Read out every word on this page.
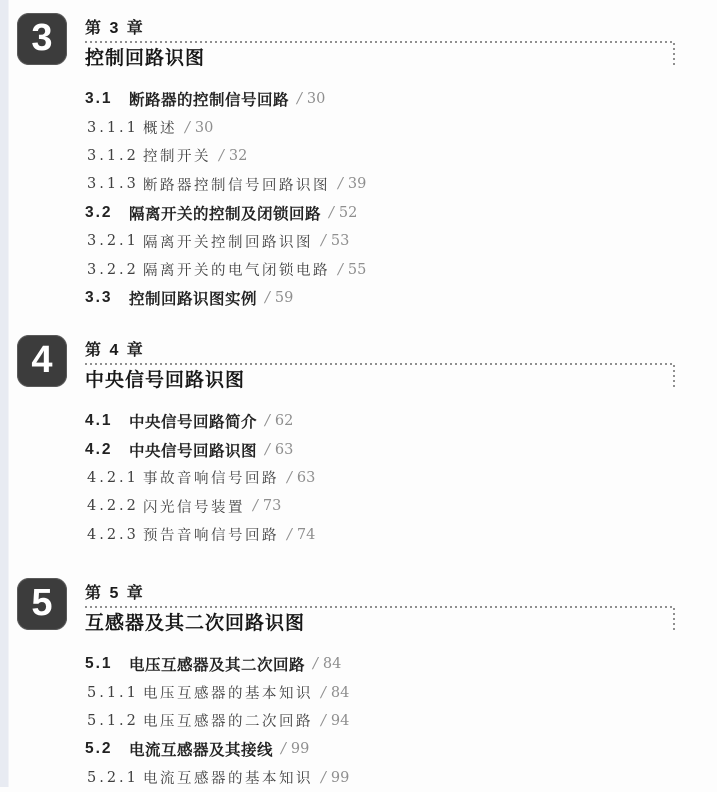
3 第 3 章
控制回路识图
3.1	断路器的控制信号回路 / 30
3.1.1 概述 / 30
3.1.2 控制开关 / 32
3.1.3 断路器控制信号回路识图 / 39
3.2	隔离开关的控制及闭锁回路 / 52
3.2.1 隔离开关控制回路识图 / 53
3.2.2 隔离开关的电气闭锁电路 / 55
3.3	控制回路识图实例 / 59
4 第 4 章
中央信号回路识图
4.1	中央信号回路简介 / 62
4.2	中央信号回路识图 / 63
4.2.1 事故音响信号回路 / 63
4.2.2 闪光信号装置 / 73
4.2.3 预告音响信号回路 / 74
5 第 5 章
互感器及其二次回路识图
5.1	电压互感器及其二次回路 / 84
5.1.1 电压互感器的基本知识 / 84
5.1.2 电压互感器的二次回路 / 94
5.2	电流互感器及其接线 / 99
5.2.1 电流互感器的基本知识 / 99
